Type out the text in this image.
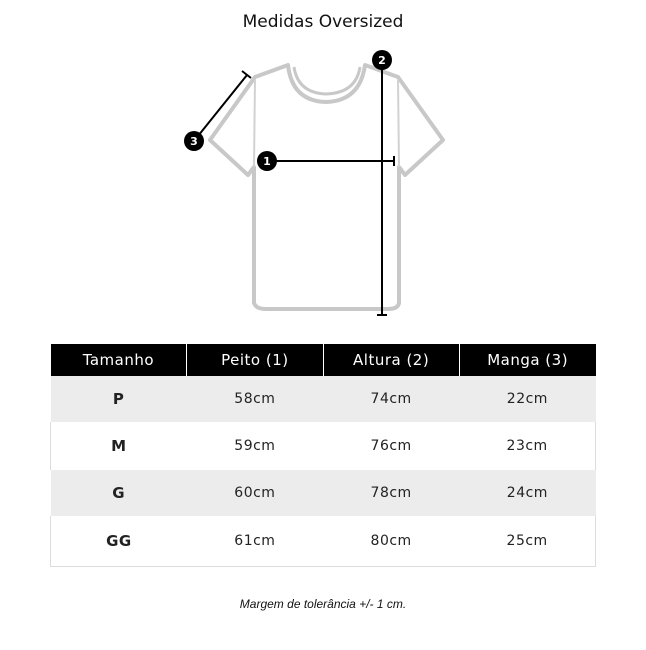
Medidas Oversized
1
2
3
Tamanho	Peito (1)	Altura (2)	Manga (3)
P	58cm	74cm	22cm
M	59cm	76cm	23cm
G	60cm	78cm	24cm
GG	61cm	80cm	25cm
Margem de tolerância +/- 1 cm.
